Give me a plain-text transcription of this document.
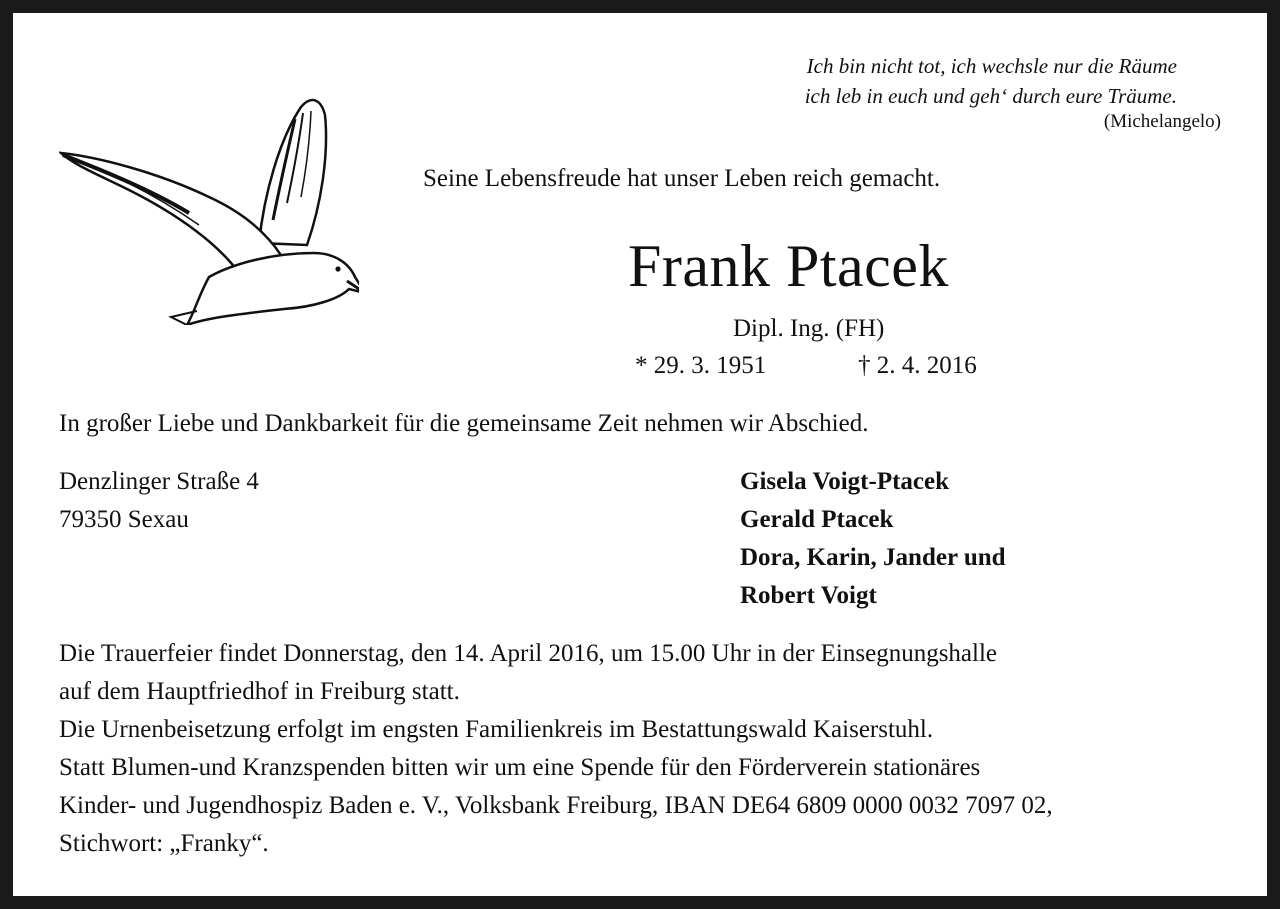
Ich bin nicht tot, ich wechsle nur die Räume
ich leb in euch und geh‘ durch eure Träume.
(Michelangelo)
Seine Lebensfreude hat unser Leben reich gemacht.
Frank Ptacek
Dipl. Ing. (FH)
* 29. 3. 1951	† 2. 4. 2016
In großer Liebe und Dankbarkeit für die gemeinsame Zeit nehmen wir Abschied.
Denzlinger Straße 4
79350 Sexau
Gisela Voigt-Ptacek
Gerald Ptacek
Dora, Karin, Jander und
Robert Voigt
Die Trauerfeier findet Donnerstag, den 14. April 2016, um 15.00 Uhr in der Einsegnungshalle
auf dem Hauptfriedhof in Freiburg statt.
Die Urnenbeisetzung erfolgt im engsten Familienkreis im Bestattungswald Kaiserstuhl.
Statt Blumen-und Kranzspenden bitten wir um eine Spende für den Förderverein stationäres
Kinder- und Jugendhospiz Baden e. V., Volksbank Freiburg, IBAN DE64 6809 0000 0032 7097 02,
Stichwort: „Franky“.
